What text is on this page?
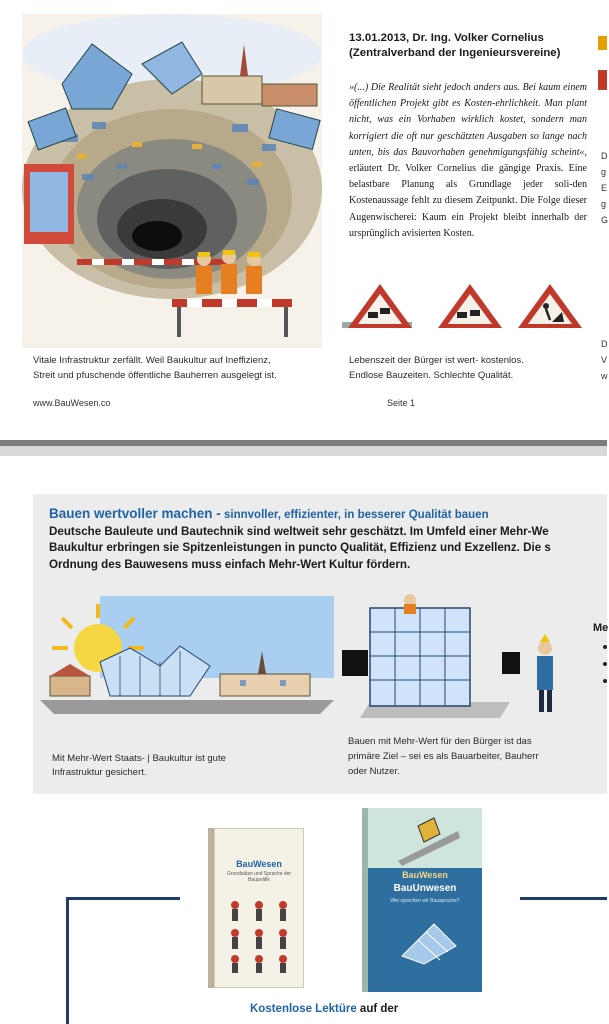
13.01.2013, Dr. Ing. Volker Cornelius
(Zentralverband der Ingenieursvereine)
»(...) Die Realität sieht jedoch anders aus. Bei kaum einem öffentlichen Projekt gibt es Kosten-ehrlichkeit. Man plant nicht, was ein Vorhaben wirklich kostet, sondern man korrigiert die oft nur geschätzten Ausgaben so lange nach unten, bis das Bauvorhaben genehmigungsfähig scheint«, erläutert Dr. Volker Cornelius die gängige Praxis. Eine belastbare Planung als Grundlage jeder soli-den Kostenaussage fehlt zu diesem Zeitpunkt. Die Folge dieser Augenwischerei: Kaum ein Projekt bleibt innerhalb der ursprünglich avisierten Kosten.
D
g
E
g
G
D
V
w
Vitale Infrastruktur zerfällt. Weil Baukultur auf Ineffizienz,
Streit und pfuschende öffentliche Bauherren ausgelegt ist.
Lebenszeit der Bürger ist wert- kostenlos.
Endlose Bauzeiten. Schlechte Qualität.
www.BauWesen.co	Seite 1
Bauen wertvoller machen - sinnvoller, effizienter, in besserer Qualität bauen
Deutsche Bauleute und Bautechnik sind weltweit sehr geschätzt. Im Umfeld einer Mehr-We
Baukultur erbringen sie Spitzenleistungen in puncto Qualität, Effizienz und Exzellenz. Die s
Ordnung des Bauwesens muss einfach Mehr-Wert Kultur fördern.
Me
Mit Mehr-Wert Staats- | Baukultur ist gute
Infrastruktur gesichert.
Bauen mit Mehr-Wert für den Bürger ist das
primäre Ziel – sei es als Bauarbeiter, Bauherr
oder Nutzer.
BauWesen
Grundsätze und Sprache der Baupolitik	BauWesen
BauUnwesen
Wie sprechen wir Bausprache?
Kostenlose Lektüre auf der
